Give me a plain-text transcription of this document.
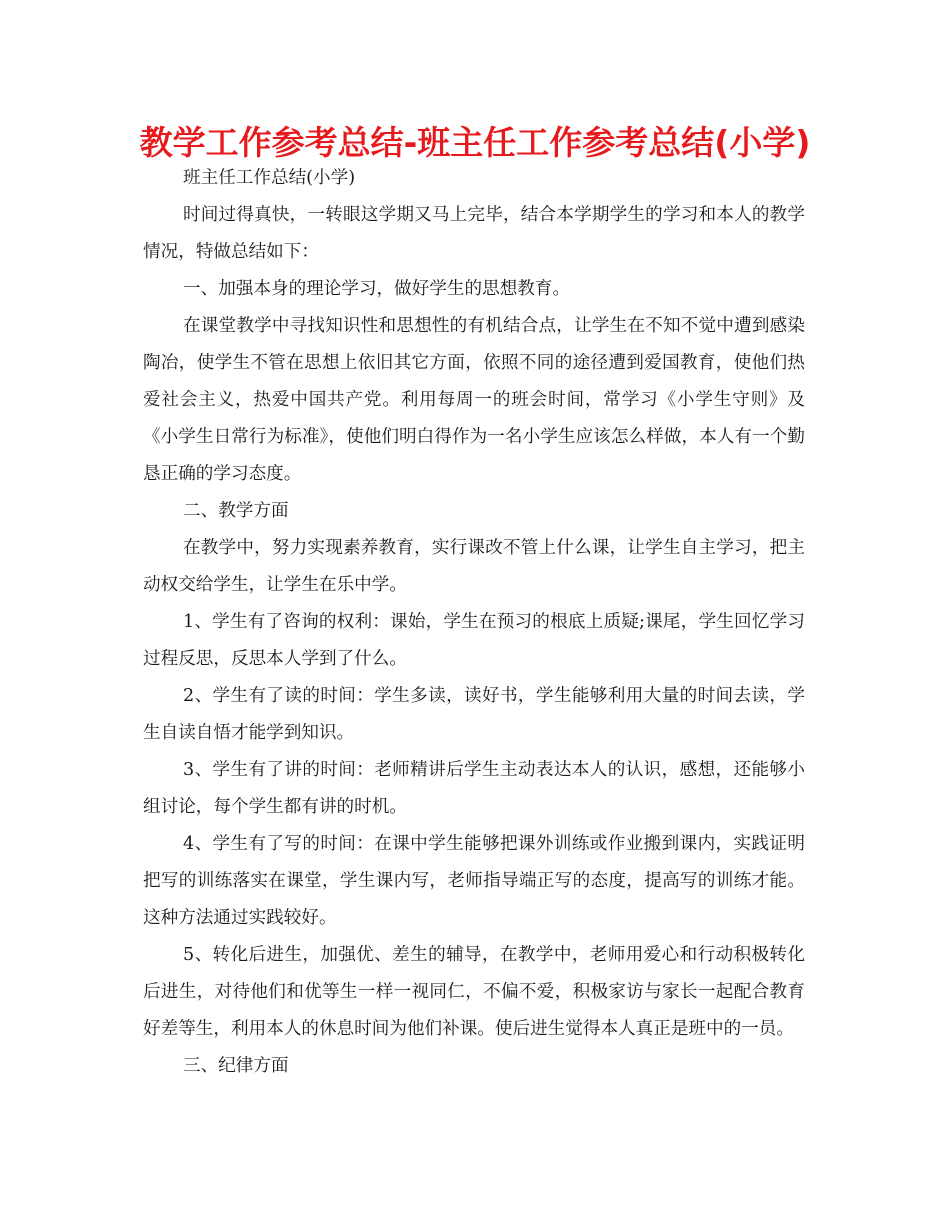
教学工作参考总结-班主任工作参考总结(小学)

班主任工作总结(小学)

时间过得真快，一转眼这学期又马上完毕，结合本学期学生的学习和本人的教学情况，特做总结如下：

一、加强本身的理论学习，做好学生的思想教育。

在课堂教学中寻找知识性和思想性的有机结合点，让学生在不知不觉中遭到感染陶冶，使学生不管在思想上依旧其它方面，依照不同的途径遭到爱国教育，使他们热爱社会主义，热爱中国共产党。利用每周一的班会时间，常学习《小学生守则》及《小学生日常行为标准》，使他们明白得作为一名小学生应该怎么样做，本人有一个勤恳正确的学习态度。

二、教学方面

在教学中，努力实现素养教育，实行课改不管上什么课，让学生自主学习，把主动权交给学生，让学生在乐中学。

1、学生有了咨询的权利：课始，学生在预习的根底上质疑;课尾，学生回忆学习过程反思，反思本人学到了什么。

2、学生有了读的时间：学生多读，读好书，学生能够利用大量的时间去读，学生自读自悟才能学到知识。

3、学生有了讲的时间：老师精讲后学生主动表达本人的认识，感想，还能够小组讨论，每个学生都有讲的时机。

4、学生有了写的时间：在课中学生能够把课外训练或作业搬到课内，实践证明把写的训练落实在课堂，学生课内写，老师指导端正写的态度，提高写的训练才能。这种方法通过实践较好。

5、转化后进生，加强优、差生的辅导，在教学中，老师用爱心和行动积极转化后进生，对待他们和优等生一样一视同仁，不偏不爱，积极家访与家长一起配合教育好差等生，利用本人的休息时间为他们补课。使后进生觉得本人真正是班中的一员。

三、纪律方面
